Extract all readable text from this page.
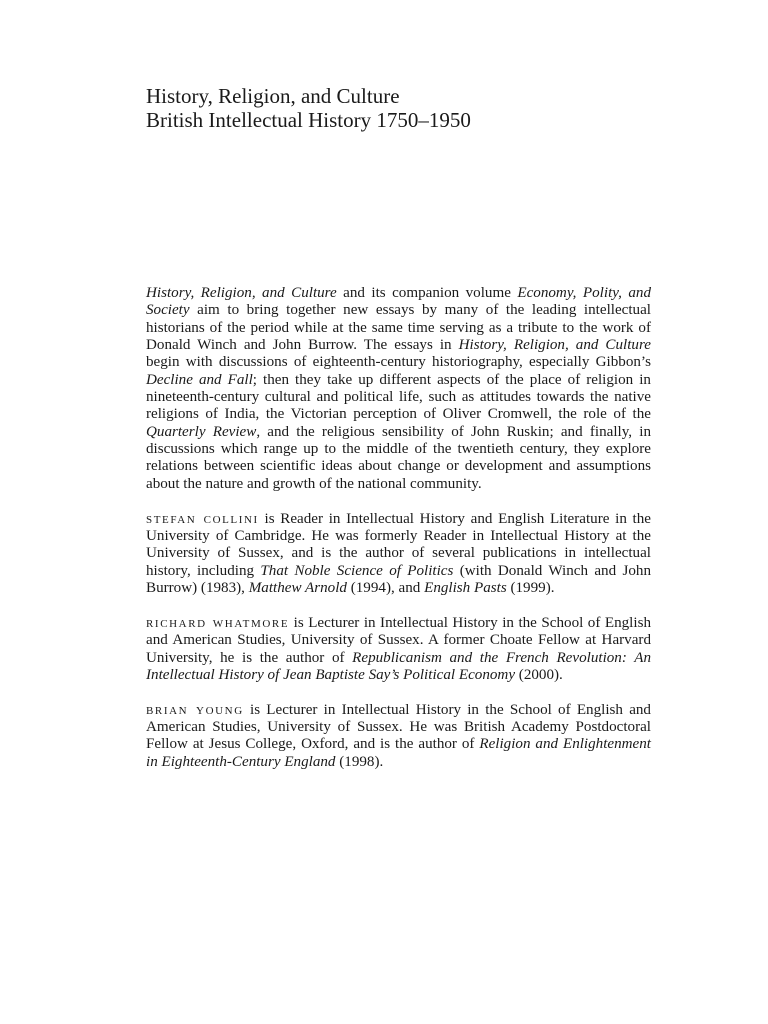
History, Religion, and Culture
British Intellectual History 1750–1950

History, Religion, and Culture and its companion volume Economy, Polity, and Society aim to bring together new essays by many of the leading intellectual historians of the period while at the same time serving as a tribute to the work of Donald Winch and John Burrow. The essays in History, Religion, and Culture begin with discussions of eighteenth-century historiography, especially Gibbon’s Decline and Fall; then they take up different aspects of the place of religion in nineteenth-century cultural and political life, such as attitudes towards the native religions of India, the Victorian perception of Oliver Cromwell, the role of the Quarterly Review, and the religious sensibility of John Ruskin; and finally, in discussions which range up to the middle of the twentieth century, they explore relations between scientific ideas about change or development and assumptions about the nature and growth of the national community.

stefan collini is Reader in Intellectual History and English Literature in the University of Cambridge. He was formerly Reader in Intellectual History at the University of Sussex, and is the author of several publications in intellectual history, including That Noble Science of Politics (with Donald Winch and John Burrow) (1983), Matthew Arnold (1994), and English Pasts (1999).

richard whatmore is Lecturer in Intellectual History in the School of English and American Studies, University of Sussex. A former Choate Fellow at Harvard University, he is the author of Republicanism and the French Revolution: An Intellectual History of Jean Baptiste Say’s Political Economy (2000).

brian young is Lecturer in Intellectual History in the School of English and American Studies, University of Sussex. He was British Academy Postdoctoral Fellow at Jesus College, Oxford, and is the author of Religion and Enlightenment in Eighteenth-Century England (1998).
